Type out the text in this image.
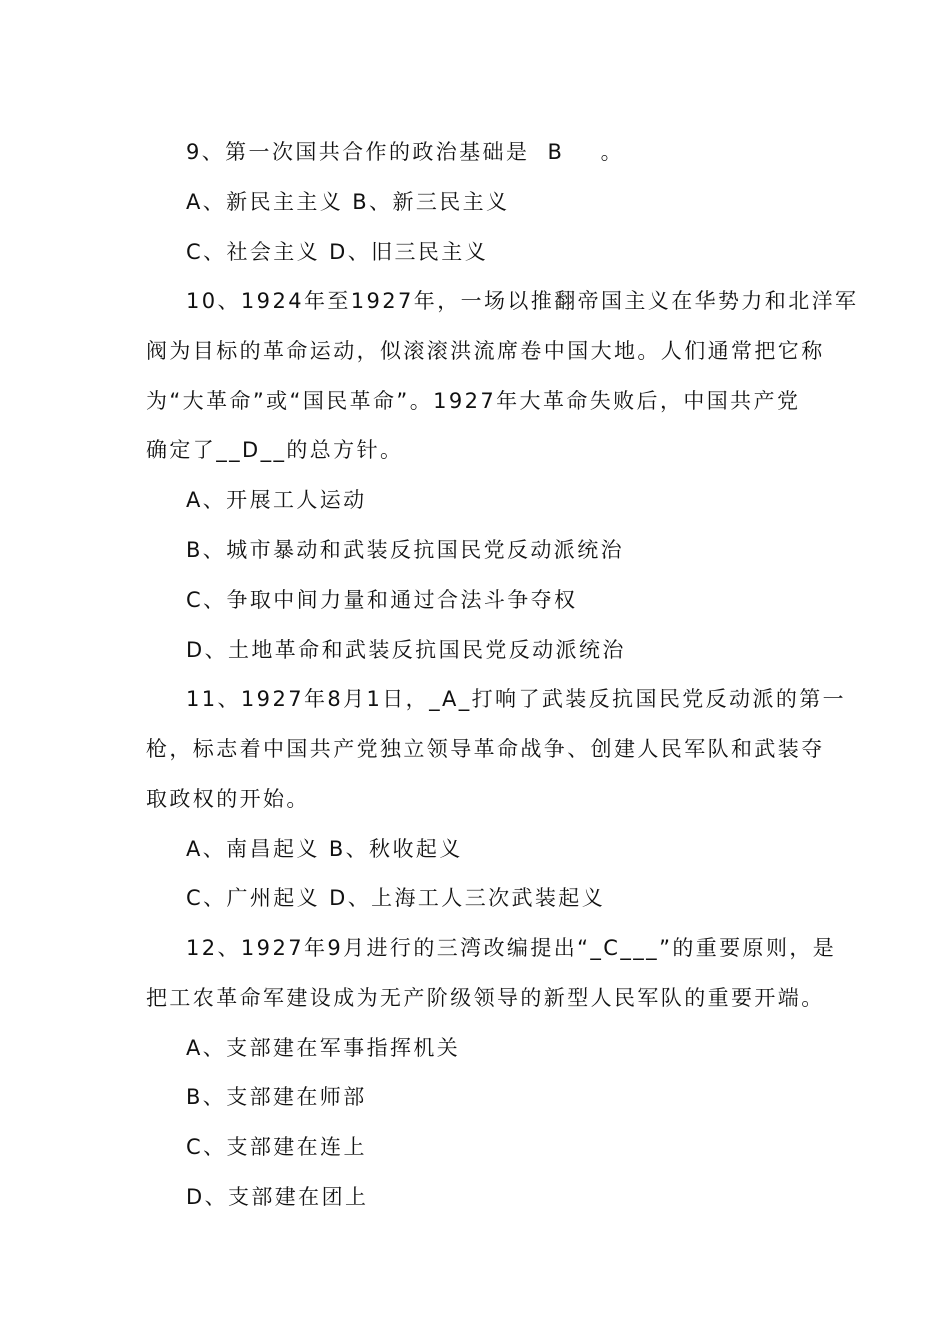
9、第一次国共合作的政治基础是  B    。
A、新民主主义 B、新三民主义
C、社会主义 D、旧三民主义
10、1924年至1927年，一场以推翻帝国主义在华势力和北洋军
阀为目标的革命运动，似滚滚洪流席卷中国大地。人们通常把它称
为“大革命”或“国民革命”。1927年大革命失败后，中国共产党
确定了__D__的总方针。
A、开展工人运动
B、城市暴动和武装反抗国民党反动派统治
C、争取中间力量和通过合法斗争夺权
D、土地革命和武装反抗国民党反动派统治
11、1927年8月1日，_A_打响了武装反抗国民党反动派的第一
枪，标志着中国共产党独立领导革命战争、创建人民军队和武装夺
取政权的开始。
A、南昌起义 B、秋收起义
C、广州起义 D、上海工人三次武装起义
12、1927年9月进行的三湾改编提出“_C___”的重要原则，是
把工农革命军建设成为无产阶级领导的新型人民军队的重要开端。
A、支部建在军事指挥机关
B、支部建在师部
C、支部建在连上
D、支部建在团上
